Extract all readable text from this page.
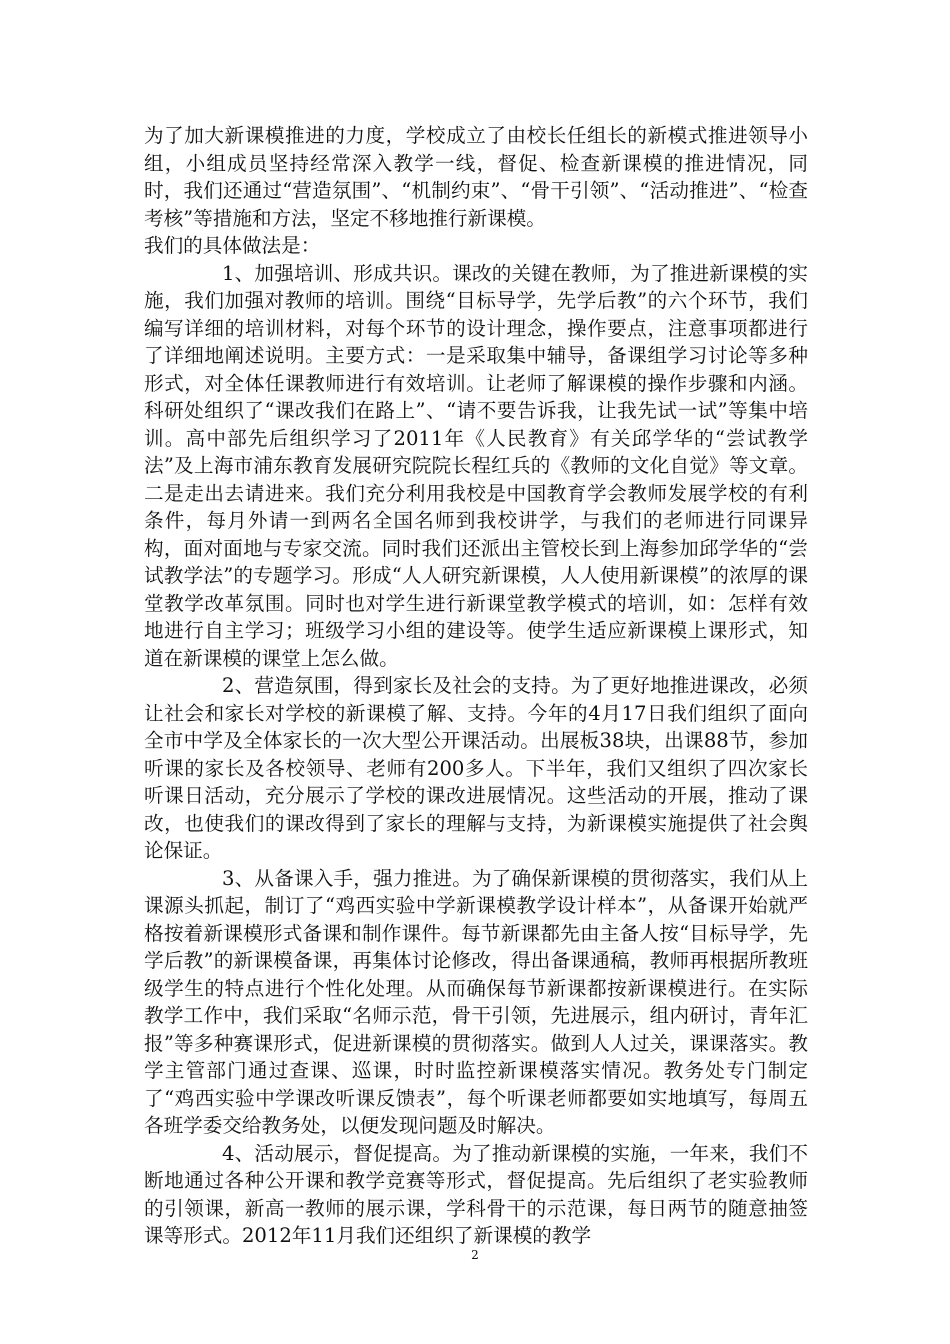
为了加大新课模推进的力度，学校成立了由校长任组长的新模式推进领导小组，小组成员坚持经常深入教学一线，督促、检查新课模的推进情况，同时，我们还通过“营造氛围”、“机制约束”、“骨干引领”、“活动推进”、“检查考核”等措施和方法，坚定不移地推行新课模。

我们的具体做法是：

1、加强培训、形成共识。课改的关键在教师，为了推进新课模的实施，我们加强对教师的培训。围绕“目标导学，先学后教”的六个环节，我们编写详细的培训材料，对每个环节的设计理念，操作要点，注意事项都进行了详细地阐述说明。主要方式：一是采取集中辅导，备课组学习讨论等多种形式，对全体任课教师进行有效培训。让老师了解课模的操作步骤和内涵。科研处组织了“课改我们在路上”、“请不要告诉我，让我先试一试”等集中培训。高中部先后组织学习了2011年《人民教育》有关邱学华的“尝试教学法”及上海市浦东教育发展研究院院长程红兵的《教师的文化自觉》等文章。二是走出去请进来。我们充分利用我校是中国教育学会教师发展学校的有利条件，每月外请一到两名全国名师到我校讲学，与我们的老师进行同课异构，面对面地与专家交流。同时我们还派出主管校长到上海参加邱学华的“尝试教学法”的专题学习。形成“人人研究新课模，人人使用新课模”的浓厚的课堂教学改革氛围。同时也对学生进行新课堂教学模式的培训，如：怎样有效地进行自主学习；班级学习小组的建设等。使学生适应新课模上课形式，知道在新课模的课堂上怎么做。

2、营造氛围，得到家长及社会的支持。为了更好地推进课改，必须让社会和家长对学校的新课模了解、支持。今年的4月17日我们组织了面向全市中学及全体家长的一次大型公开课活动。出展板38块，出课88节，参加听课的家长及各校领导、老师有200多人。下半年，我们又组织了四次家长听课日活动，充分展示了学校的课改进展情况。这些活动的开展，推动了课改，也使我们的课改得到了家长的理解与支持，为新课模实施提供了社会舆论保证。

3、从备课入手，强力推进。为了确保新课模的贯彻落实，我们从上课源头抓起，制订了“鸡西实验中学新课模教学设计样本”，从备课开始就严格按着新课模形式备课和制作课件。每节新课都先由主备人按“目标导学，先学后教”的新课模备课，再集体讨论修改，得出备课通稿，教师再根据所教班级学生的特点进行个性化处理。从而确保每节新课都按新课模进行。在实际教学工作中，我们采取“名师示范，骨干引领，先进展示，组内研讨，青年汇报”等多种赛课形式，促进新课模的贯彻落实。做到人人过关，课课落实。教学主管部门通过查课、巡课，时时监控新课模落实情况。教务处专门制定了“鸡西实验中学课改听课反馈表”，每个听课老师都要如实地填写，每周五各班学委交给教务处，以便发现问题及时解决。

4、活动展示，督促提高。为了推动新课模的实施，一年来，我们不断地通过各种公开课和教学竞赛等形式，督促提高。先后组织了老实验教师的引领课，新高一教师的展示课，学科骨干的示范课，每日两节的随意抽签课等形式。2012年11月我们还组织了新课模的教学

2
